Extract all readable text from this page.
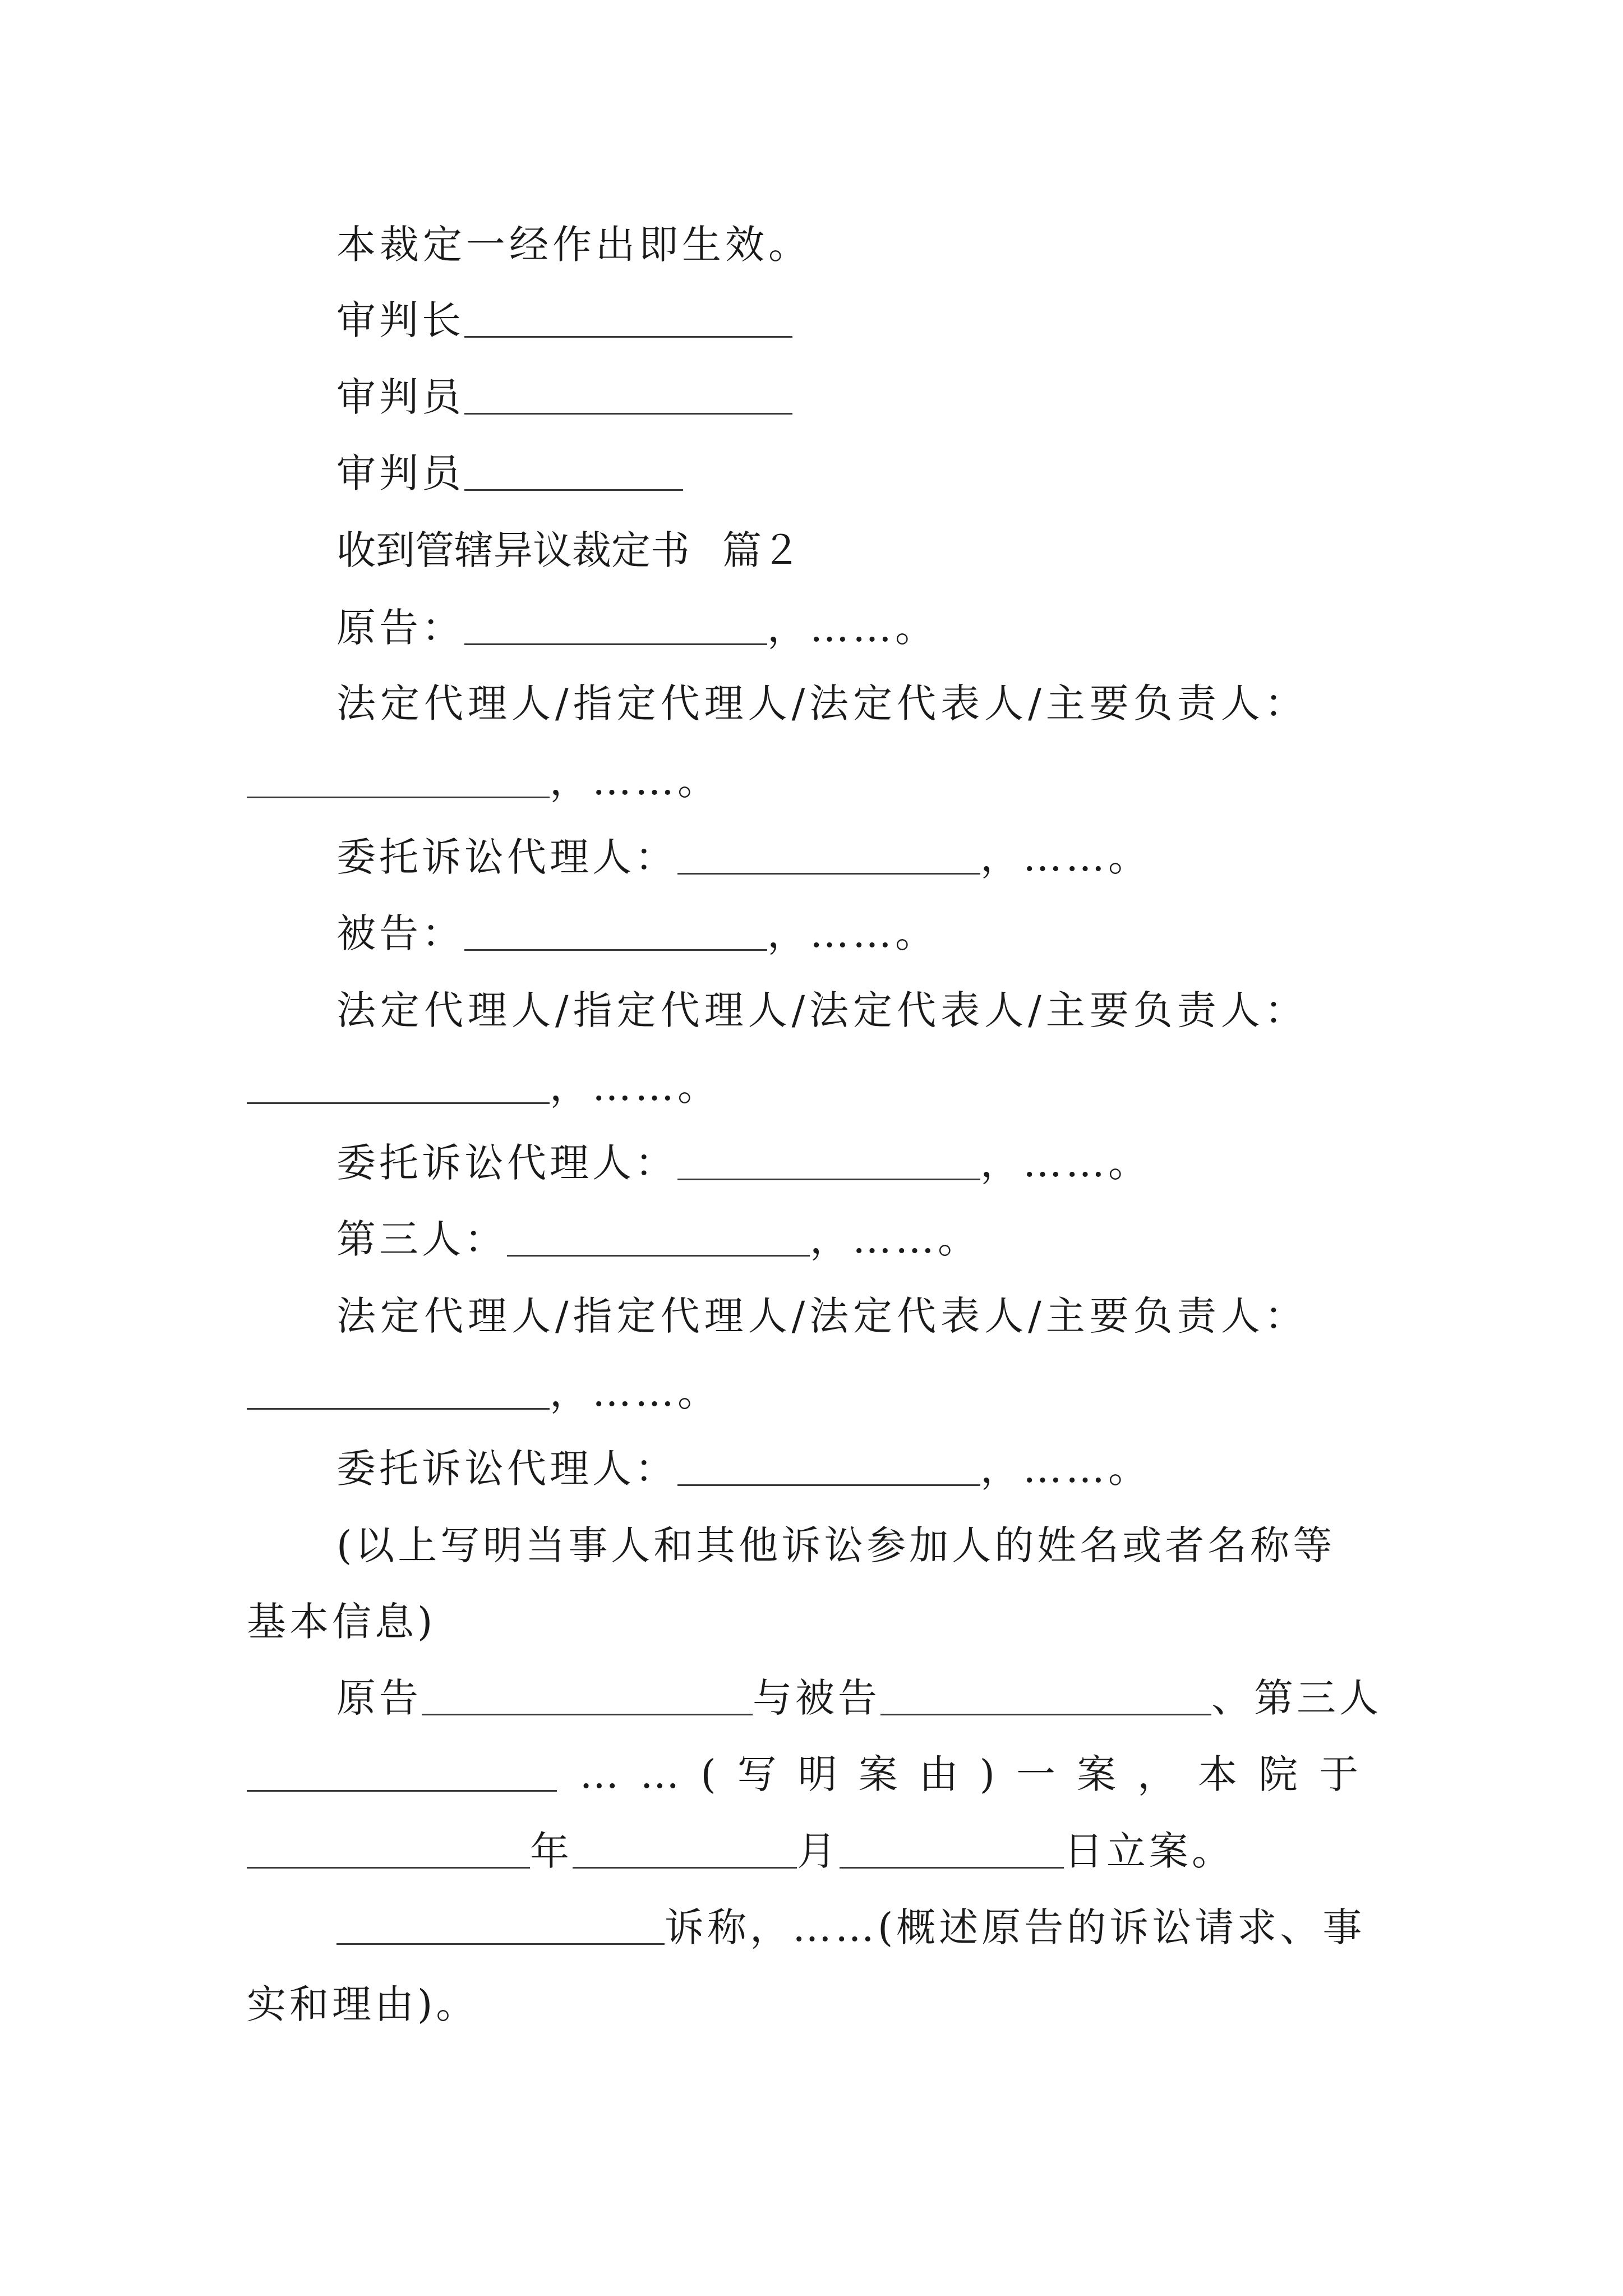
本裁定一经作出即生效。
审判长
审判员
审判员
收到管辖异议裁定书 篇２
原告：	，……。
法定代理人/指定代理人/法定代表人/主要负责人：
，……。
委托诉讼代理人：	，……。
被告：	，……。
法定代理人/指定代理人/法定代表人/主要负责人：
，……。
委托诉讼代理人：	，……。
第三人：	，……。
法定代理人/指定代理人/法定代表人/主要负责人：
，……。
委托诉讼代理人：	，……。
(以上写明当事人和其他诉讼参加人的姓名或者名称等
基本信息)
原告	与被告	、第三人
……(写明案由)一案，本院于
年	月	日立案。
诉称，……(概述原告的诉讼请求、事
实和理由)。
